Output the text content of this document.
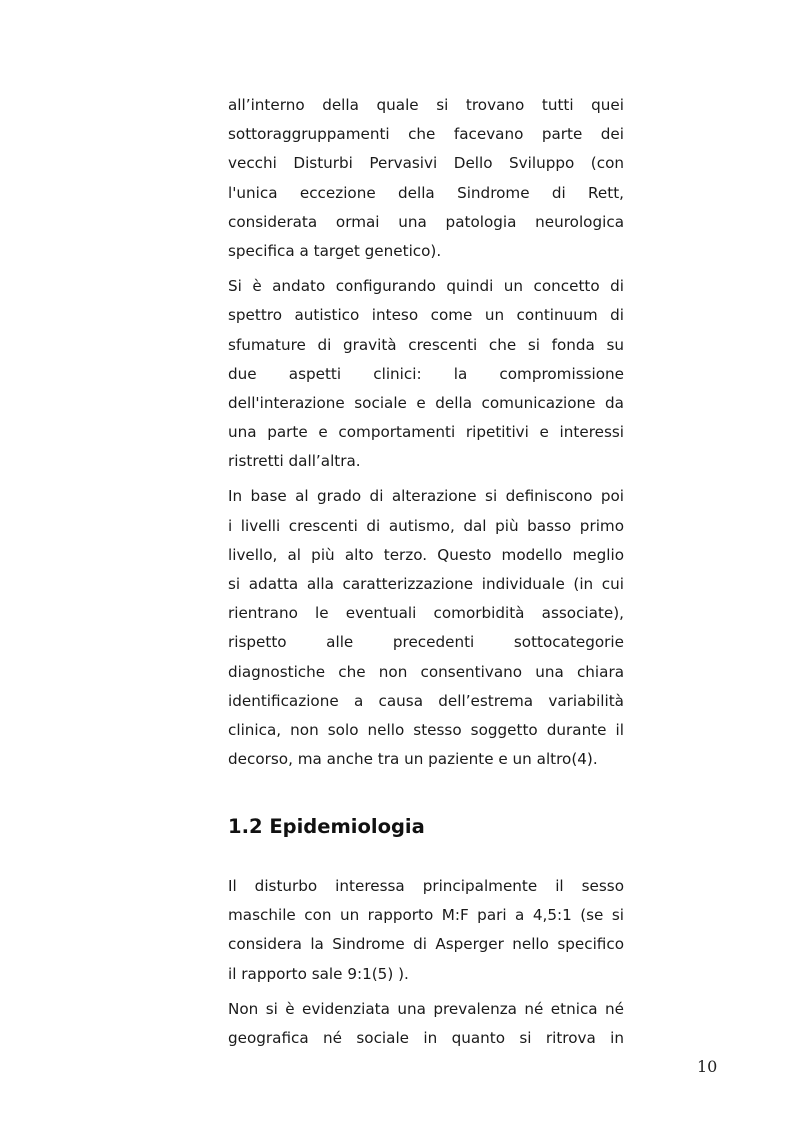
all’interno della quale si trovano tutti quei
sottoraggruppamenti che facevano parte dei
vecchi Disturbi Pervasivi Dello Sviluppo (con
l'unica eccezione della Sindrome di Rett,
considerata ormai una patologia neurologica
specifica a target genetico).

Si è andato configurando quindi un concetto di
spettro autistico inteso come un continuum di
sfumature di gravità crescenti che si fonda su
due aspetti clinici: la compromissione
dell'interazione sociale e della comunicazione da
una parte e comportamenti ripetitivi e interessi
ristretti dall’altra.

In base al grado di alterazione si definiscono poi
i livelli crescenti di autismo, dal più basso primo
livello, al più alto terzo. Questo modello meglio
si adatta alla caratterizzazione individuale (in cui
rientrano le eventuali comorbidità associate),
rispetto alle precedenti sottocategorie
diagnostiche che non consentivano una chiara
identificazione a causa dell’estrema variabilità
clinica, non solo nello stesso soggetto durante il
decorso, ma anche tra un paziente e un altro(4).

1.2 Epidemiologia

Il disturbo interessa principalmente il sesso
maschile con un rapporto M:F pari a 4,5:1 (se si
considera la Sindrome di Asperger nello specifico
il rapporto sale 9:1(5) ).

Non si è evidenziata una prevalenza né etnica né
geografica né sociale in quanto si ritrova in

10
